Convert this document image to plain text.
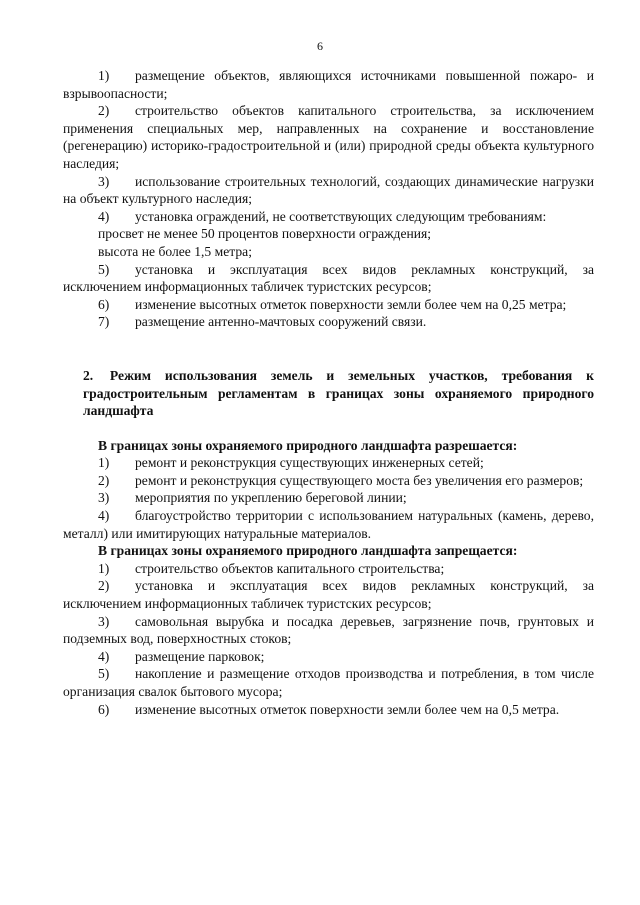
6

1) размещение объектов, являющихся источниками повышенной пожаро- и взрывоопасности;

2) строительство объектов капитального строительства, за исключением применения специальных мер, направленных на сохранение и восстановление (регенерацию) историко-градостроительной и (или) природной среды объекта культурного наследия;

3) использование строительных технологий, создающих динамические нагрузки на объект культурного наследия;

4) установка ограждений, не соответствующих следующим требованиям:

просвет не менее 50 процентов поверхности ограждения;

высота не более 1,5 метра;

5) установка и эксплуатация всех видов рекламных конструкций, за исключением информационных табличек туристских ресурсов;

6) изменение высотных отметок поверхности земли более чем на 0,25 метра;

7) размещение антенно-мачтовых сооружений связи.

2. Режим использования земель и земельных участков, требования к градостроительным регламентам в границах зоны охраняемого природного ландшафта

В границах зоны охраняемого природного ландшафта разрешается:

1) ремонт и реконструкция существующих инженерных сетей;

2) ремонт и реконструкция существующего моста без увеличения его размеров;

3) мероприятия по укреплению береговой линии;

4) благоустройство территории с использованием натуральных (камень, дерево, металл) или имитирующих натуральные материалов.

В границах зоны охраняемого природного ландшафта запрещается:

1) строительство объектов капитального строительства;

2) установка и эксплуатация всех видов рекламных конструкций, за исключением информационных табличек туристских ресурсов;

3) самовольная вырубка и посадка деревьев, загрязнение почв, грунтовых и подземных вод, поверхностных стоков;

4) размещение парковок;

5) накопление и размещение отходов производства и потребления, в том числе организация свалок бытового мусора;

6) изменение высотных отметок поверхности земли более чем на 0,5 метра.
